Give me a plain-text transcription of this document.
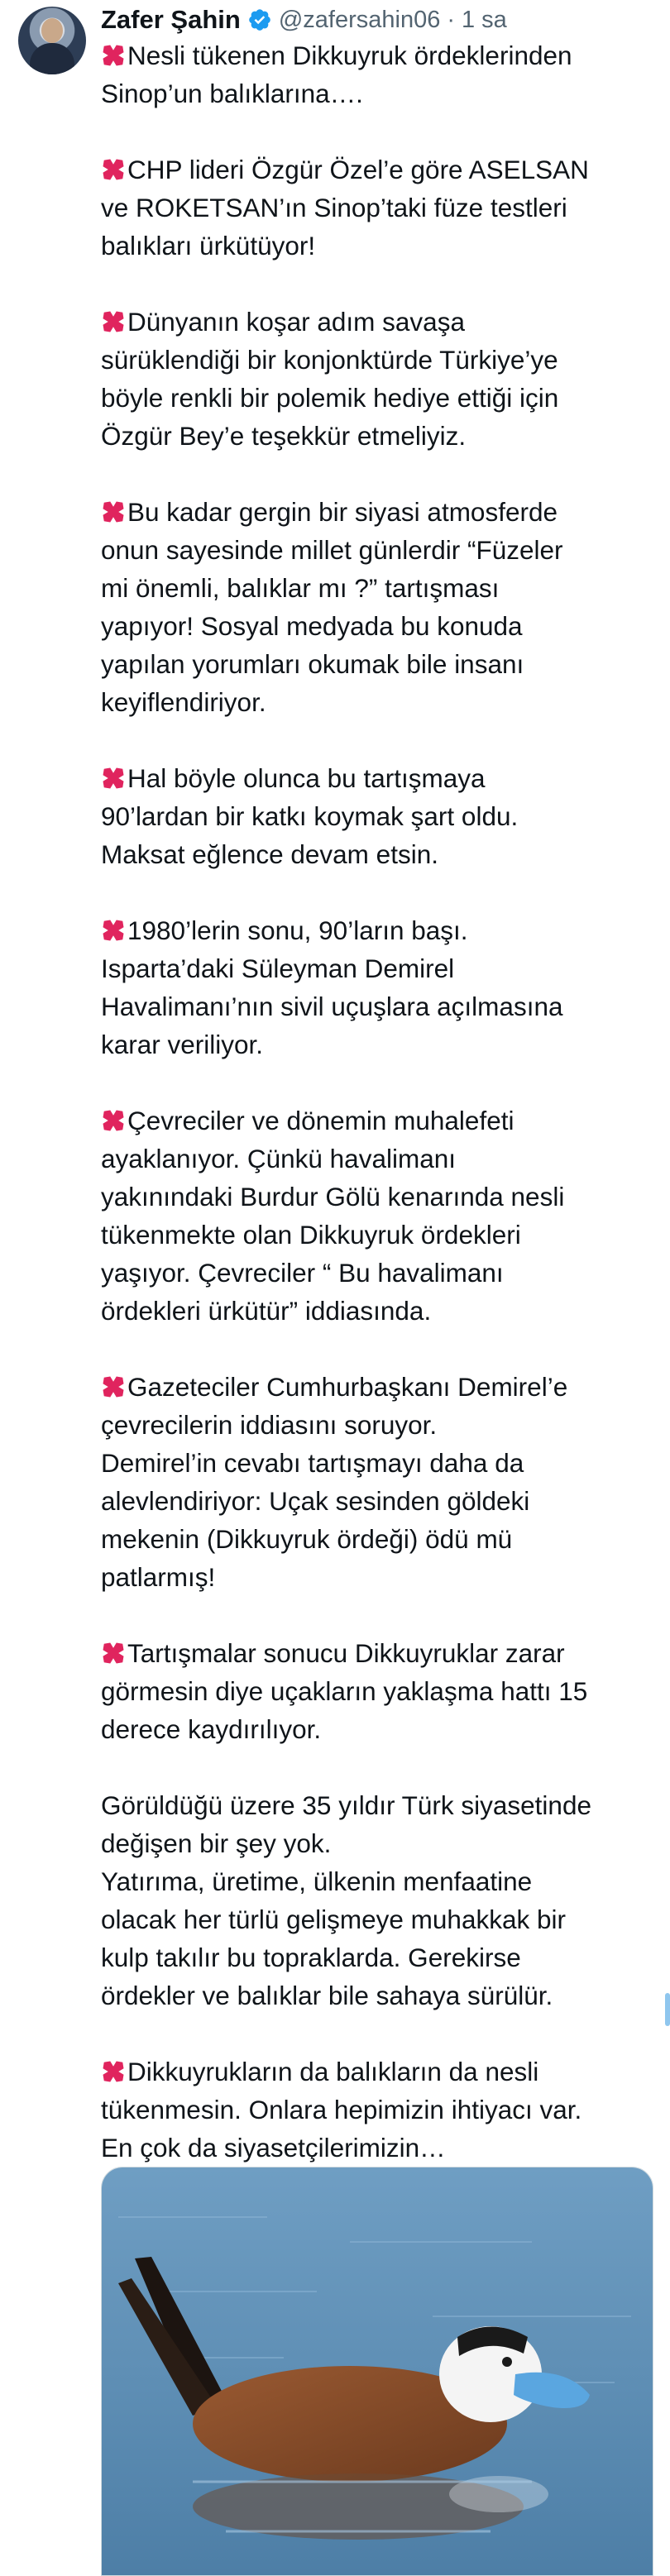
Zafer Şahin @zafersahin06 · 1 sa
Nesli tükenen Dikkuyruk ördeklerinden
Sinop’un balıklarına….
CHP lideri Özgür Özel’e göre ASELSAN
ve ROKETSAN’ın Sinop’taki füze testleri
balıkları ürkütüyor!
Dünyanın koşar adım savaşa
sürüklendiği bir konjonktürde Türkiye’ye
böyle renkli bir polemik hediye ettiği için
Özgür Bey’e teşekkür etmeliyiz.
Bu kadar gergin bir siyasi atmosferde
onun sayesinde millet günlerdir “Füzeler
mi önemli, balıklar mı ?” tartışması
yapıyor! Sosyal medyada bu konuda
yapılan yorumları okumak bile insanı
keyiflendiriyor.
Hal böyle olunca bu tartışmaya
90’lardan bir katkı koymak şart oldu.
Maksat eğlence devam etsin.
1980’lerin sonu, 90’ların başı.
Isparta’daki Süleyman Demirel
Havalimanı’nın sivil uçuşlara açılmasına
karar veriliyor.
Çevreciler ve dönemin muhalefeti
ayaklanıyor. Çünkü havalimanı
yakınındaki Burdur Gölü kenarında nesli
tükenmekte olan Dikkuyruk ördekleri
yaşıyor. Çevreciler “ Bu havalimanı
ördekleri ürkütür” iddiasında.
Gazeteciler Cumhurbaşkanı Demirel’e
çevrecilerin iddiasını soruyor.
Demirel’in cevabı tartışmayı daha da
alevlendiriyor: Uçak sesinden göldeki
mekenin (Dikkuyruk ördeği) ödü mü
patlarmış!
Tartışmalar sonucu Dikkuyruklar zarar
görmesin diye uçakların yaklaşma hattı 15
derece kaydırılıyor.
Görüldüğü üzere 35 yıldır Türk siyasetinde
değişen bir şey yok.
Yatırıma, üretime, ülkenin menfaatine
olacak her türlü gelişmeye muhakkak bir
kulp takılır bu topraklarda. Gerekirse
ördekler ve balıklar bile sahaya sürülür.
Dikkuyrukların da balıkların da nesli
tükenmesin. Onlara hepimizin ihtiyacı var.
En çok da siyasetçilerimizin…
